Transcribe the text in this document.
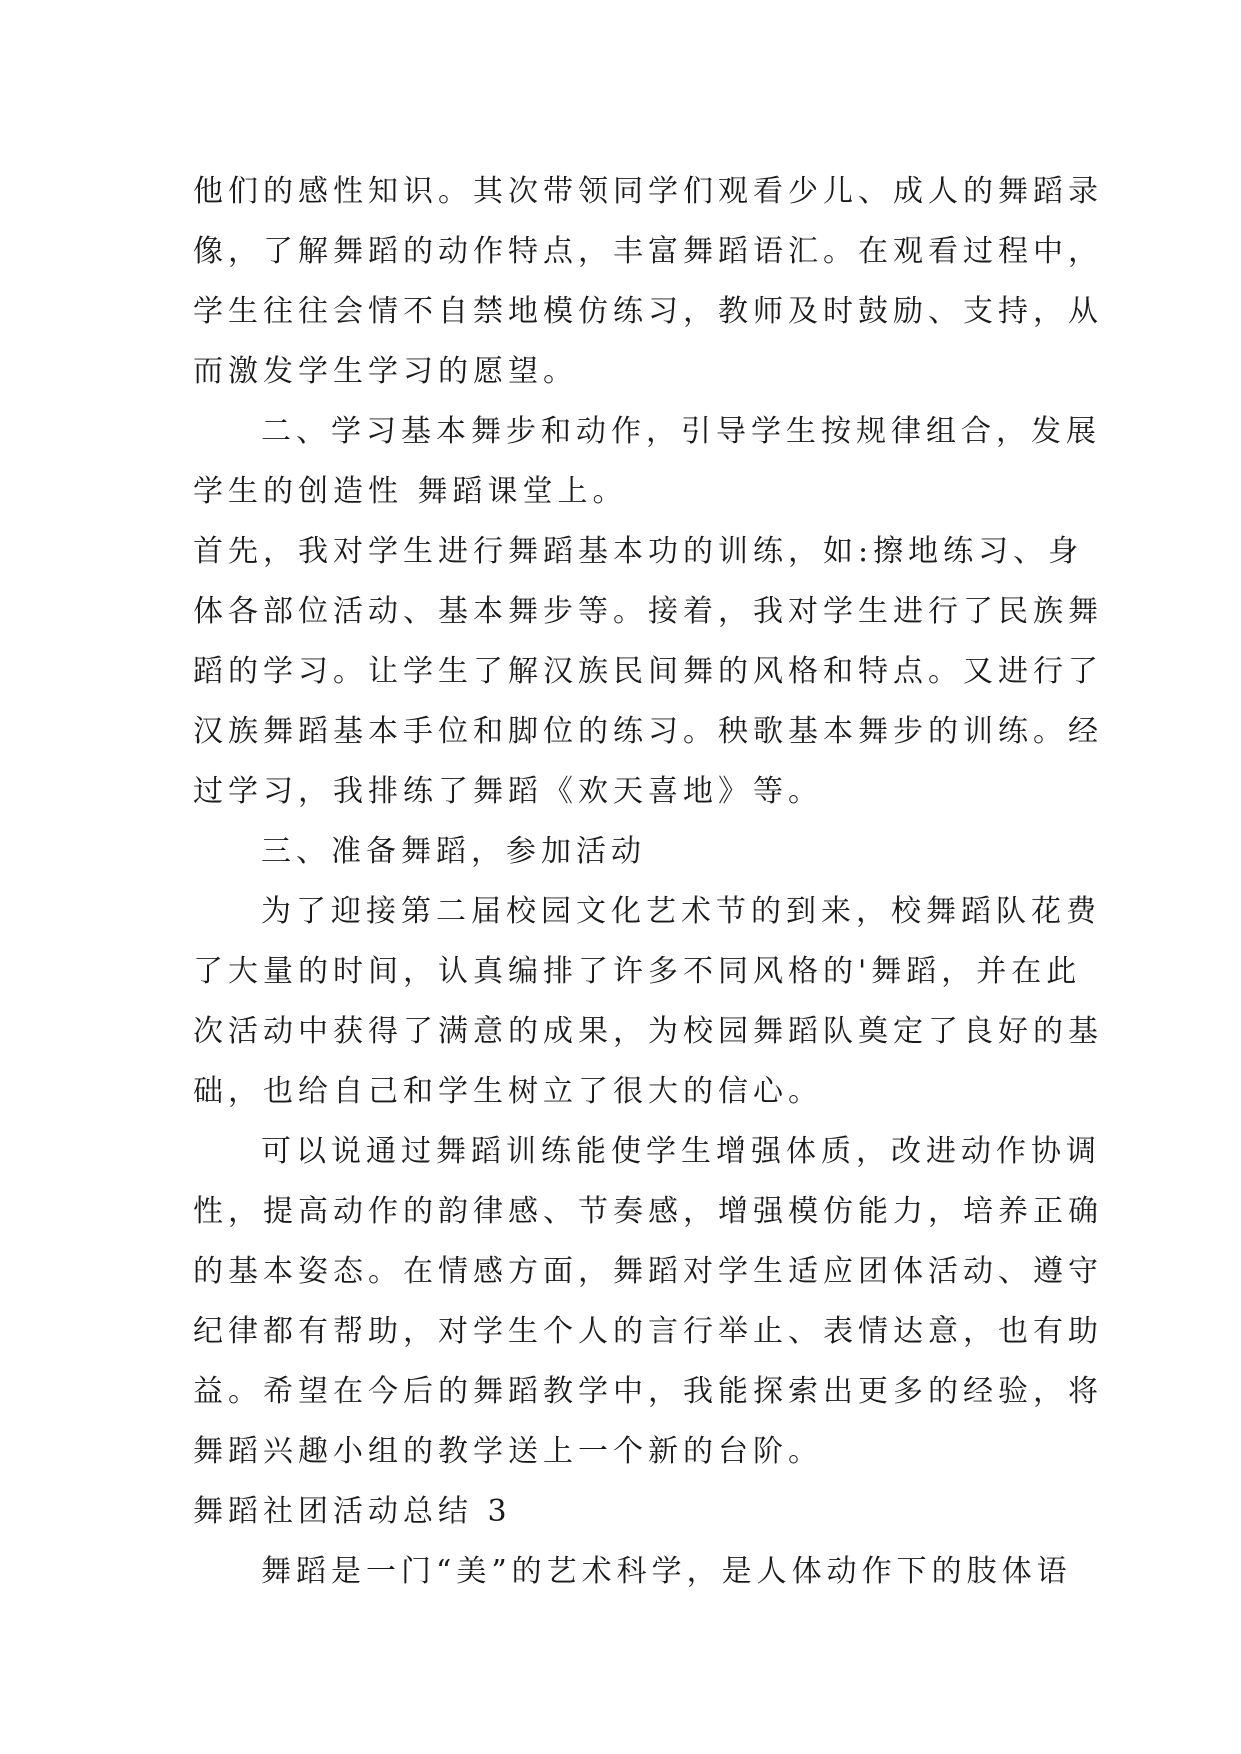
他们的感性知识。其次带领同学们观看少儿、成人的舞蹈录

像，了解舞蹈的动作特点，丰富舞蹈语汇。在观看过程中，

学生往往会情不自禁地模仿练习，教师及时鼓励、支持，从

而激发学生学习的愿望。

二、学习基本舞步和动作，引导学生按规律组合，发展

学生的创造性 舞蹈课堂上。

首先，我对学生进行舞蹈基本功的训练，如:擦地练习、身

体各部位活动、基本舞步等。接着，我对学生进行了民族舞

蹈的学习。让学生了解汉族民间舞的风格和特点。又进行了

汉族舞蹈基本手位和脚位的练习。秧歌基本舞步的训练。经

过学习，我排练了舞蹈《欢天喜地》等。

三、准备舞蹈，参加活动

为了迎接第二届校园文化艺术节的到来，校舞蹈队花费

了大量的时间，认真编排了许多不同风格的'舞蹈，并在此

次活动中获得了满意的成果，为校园舞蹈队奠定了良好的基

础，也给自己和学生树立了很大的信心。

可以说通过舞蹈训练能使学生增强体质，改进动作协调

性，提高动作的韵律感、节奏感，增强模仿能力，培养正确

的基本姿态。在情感方面，舞蹈对学生适应团体活动、遵守

纪律都有帮助，对学生个人的言行举止、表情达意，也有助

益。希望在今后的舞蹈教学中，我能探索出更多的经验，将

舞蹈兴趣小组的教学送上一个新的台阶。

舞蹈社团活动总结 3

舞蹈是一门“美”的艺术科学，是人体动作下的肢体语
